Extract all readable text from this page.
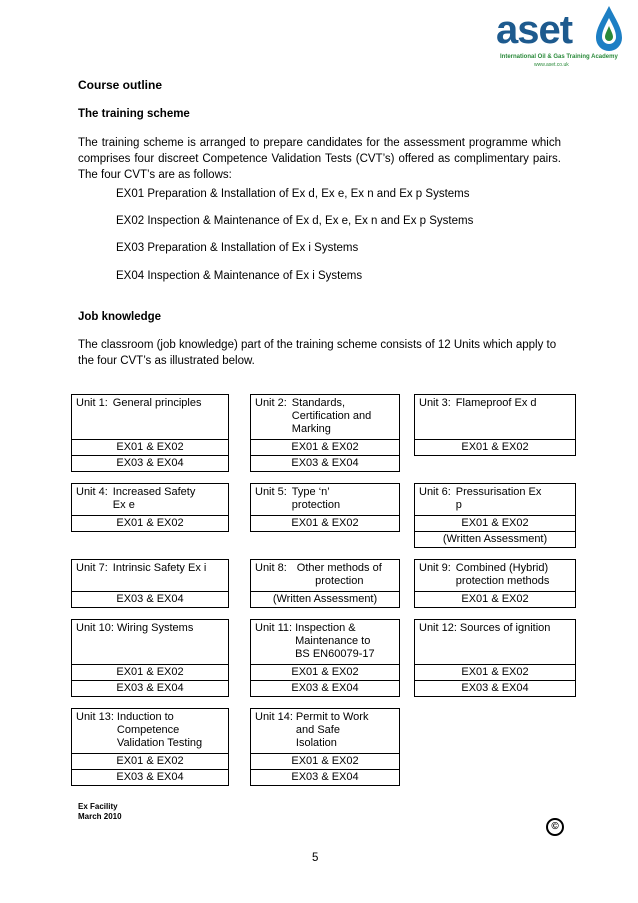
aset
International Oil & Gas Training Academy
www.aset.co.uk
Course outline
The training scheme
The training scheme is arranged to prepare candidates for the assessment programme which comprises four discreet Competence Validation Tests (CVT’s) offered as complimentary pairs. The four CVT’s are as follows:
EX01 Preparation & Installation of Ex d, Ex e, Ex n and Ex p Systems
EX02 Inspection & Maintenance of Ex d, Ex e, Ex n and Ex p Systems
EX03 Preparation & Installation of Ex i Systems
EX04 Inspection & Maintenance of Ex i Systems
Job knowledge
The classroom (job knowledge) part of the training scheme consists of 12 Units which apply to the four CVT’s as illustrated below.
Unit 1: General principles
EX01 & EX02
EX03 & EX04
Unit 2: Standards, Certification and Marking
EX01 & EX02
EX03 & EX04
Unit 3: Flameproof Ex d
EX01 & EX02
Unit 4: Increased Safety Ex e
EX01 & EX02
Unit 5: Type ‘n’ protection
EX01 & EX02
Unit 6: Pressurisation Ex p
EX01 & EX02
(Written Assessment)
Unit 7: Intrinsic Safety Ex i
EX03 & EX04
Unit 8: Other methods of protection
(Written Assessment)
Unit 9: Combined (Hybrid) protection methods
EX01 & EX02
Unit 10: Wiring Systems
EX01 & EX02
EX03 & EX04
Unit 11: Inspection & Maintenance to BS EN60079-17
EX01 & EX02
EX03 & EX04
Unit 12: Sources of ignition
EX01 & EX02
EX03 & EX04
Unit 13: Induction to Competence Validation Testing
EX01 & EX02
EX03 & EX04
Unit 14: Permit to Work and Safe Isolation
EX01 & EX02
EX03 & EX04
Ex Facility
March 2010
©
5
